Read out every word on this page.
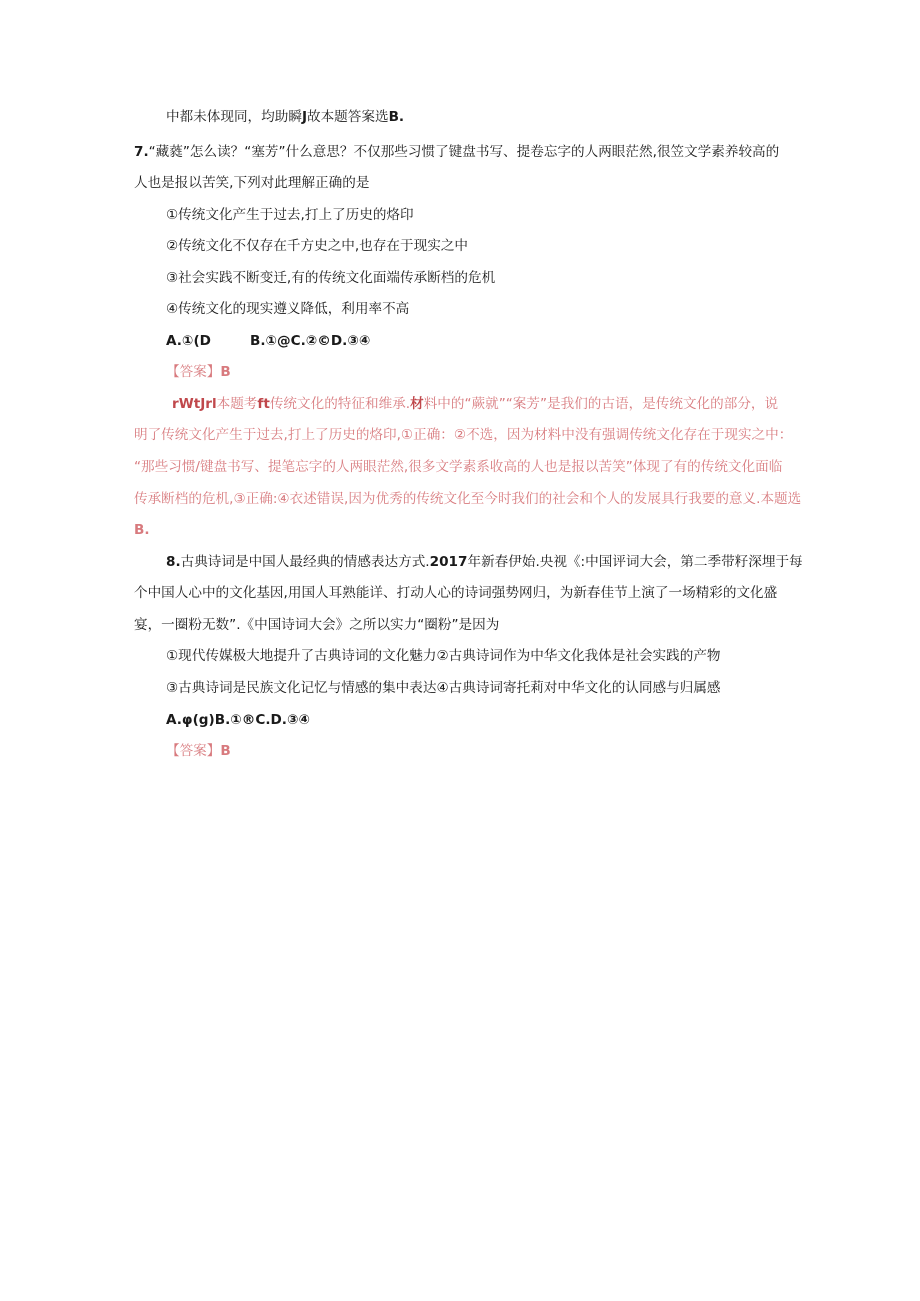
中都未体现同，均助瞬J故本题答案选B.
7.“藏蕤”怎么读？“塞芳”什么意思？不仅那些习惯了键盘书写、提卷忘字的人两眼茫然,很笠文学素养较高的
人也是报以苦笑,下列对此理解正确的是
①传统文化产生于过去,打上了历史的烙印
②传统文化不仅存在千方史之中,也存在于现实之中
③社会实践不断变迁,有的传统文化面端传承断档的危机
④传统文化的现实遵义降低，利用率不高
A.①(D	B.①@C.②©D.③④
【答案】B
rWtJrl本题考ft传统文化的特征和维承.材料中的“蕨就”“案芳”是我们的古语，是传统文化的部分，说
明了传统文化产生于过去,打上了历史的烙印,①正确：②不选，因为材料中没有强调传统文化存在于现实之中：
“那些习惯/键盘书写、提笔忘字的人两眼茫然,很多文学素系收高的人也是报以苦笑”体现了有的传统文化面临
传承断档的危机,③正确:④衣述错误,因为优秀的传统文化至今时我们的社会和个人的发展具行我要的意义.本题选
B.
8.古典诗词是中国人最经典的情感表达方式.2017年新春伊始.央视《:中国评词大会，第二季带籽深埋于每
个中国人心中的文化基因,用国人耳熟能详、打动人心的诗词强势网归，为新春佳节上演了一场精彩的文化盛
宴，一圈粉无数”.《中国诗词大会》之所以实力“圈粉”是因为
①现代传媒极大地提升了古典诗词的文化魅力②古典诗词作为中华文化我体是社会实践的产物
③古典诗词是民族文化记忆与情感的集中表达④古典诗词寄托莉对中华文化的认同感与归属感
A.φ(g)B.①®C.D.③④
【答案】B
